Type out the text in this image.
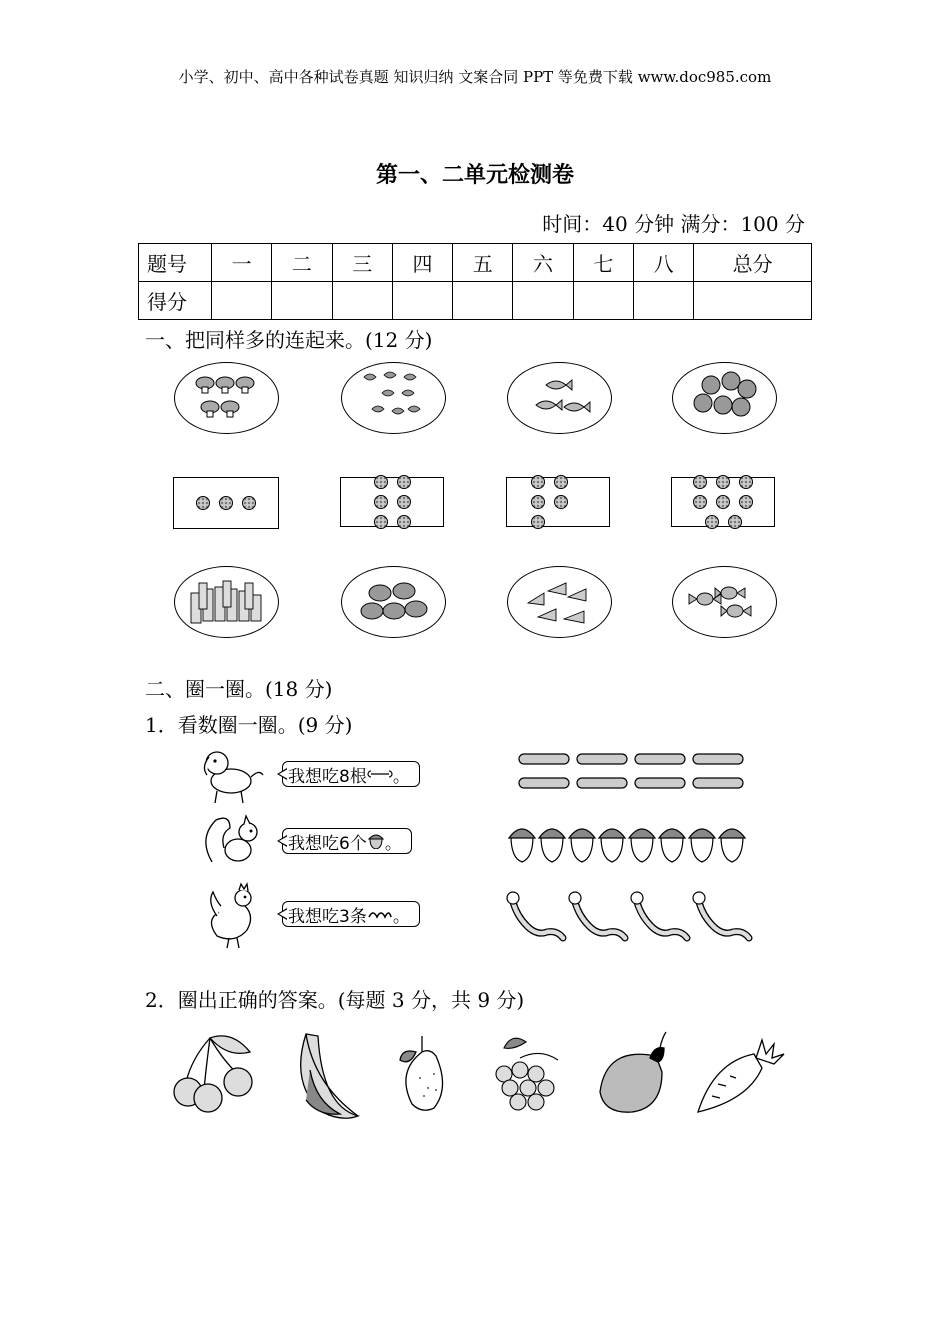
小学、初中、高中各种试卷真题 知识归纳 文案合同 PPT 等免费下载 www.doc985.com
第一、二单元检测卷
时间：40 分钟 满分：100 分
题号	一	二	三	四	五	六	七	八	总分
得分									
一、把同样多的连起来。(12 分)
二、圈一圈。(18 分)
1．看数圈一圈。(9 分)
我想吃8根 。
我想吃6个 。
我想吃3条 。
2．圈出正确的答案。(每题 3 分，共 9 分)
